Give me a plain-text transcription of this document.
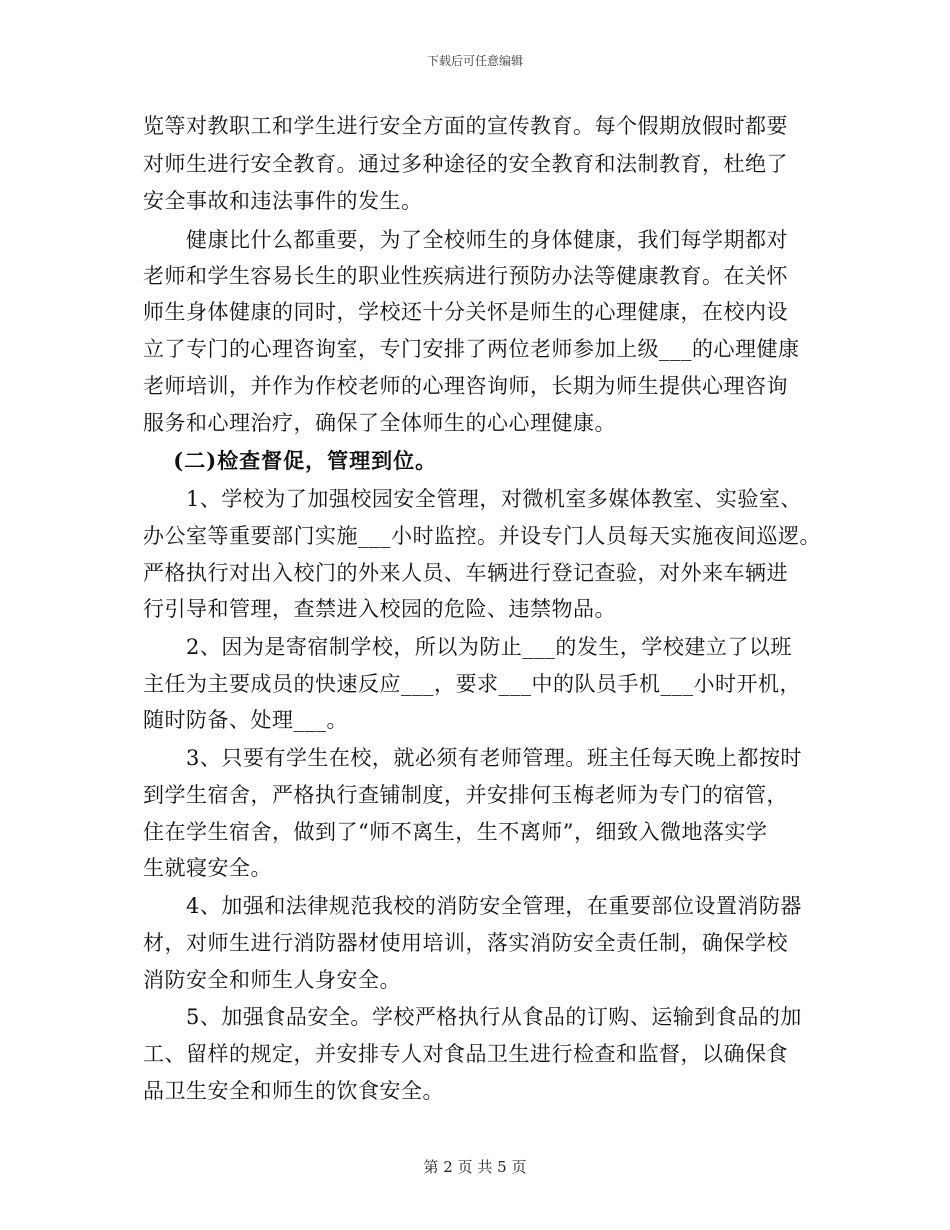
下载后可任意编辑
览等对教职工和学生进行安全方面的宣传教育。每个假期放假时都要
对师生进行安全教育。通过多种途径的安全教育和法制教育，杜绝了
安全事故和违法事件的发生。
　　健康比什么都重要，为了全校师生的身体健康，我们每学期都对
老师和学生容易长生的职业性疾病进行预防办法等健康教育。在关怀
师生身体健康的同时，学校还十分关怀是师生的心理健康，在校内设
立了专门的心理咨询室，专门安排了两位老师参加上级___的心理健康
老师培训，并作为作校老师的心理咨询师，长期为师生提供心理咨询
服务和心理治疗，确保了全体师生的心心理健康。
　 (二)检查督促，管理到位。
　　1、学校为了加强校园安全管理，对微机室多媒体教室、实验室、
办公室等重要部门实施___小时监控。并设专门人员每天实施夜间巡逻。
严格执行对出入校门的外来人员、车辆进行登记查验，对外来车辆进
行引导和管理，查禁进入校园的危险、违禁物品。
　　2、因为是寄宿制学校，所以为防止___的发生，学校建立了以班
主任为主要成员的快速反应___，要求___中的队员手机___小时开机，
随时防备、处理___。
　　3、只要有学生在校，就必须有老师管理。班主任每天晚上都按时
到学生宿舍，严格执行查铺制度，并安排何玉梅老师为专门的宿管，
住在学生宿舍，做到了“师不离生，生不离师”，细致入微地落实学
生就寝安全。
　　4、加强和法律规范我校的消防安全管理，在重要部位设置消防器
材，对师生进行消防器材使用培训，落实消防安全责任制，确保学校
消防安全和师生人身安全。
　　5、加强食品安全。学校严格执行从食品的订购、运输到食品的加
工、留样的规定，并安排专人对食品卫生进行检查和监督，以确保食
品卫生安全和师生的饮食安全。
第 2 页 共 5 页
